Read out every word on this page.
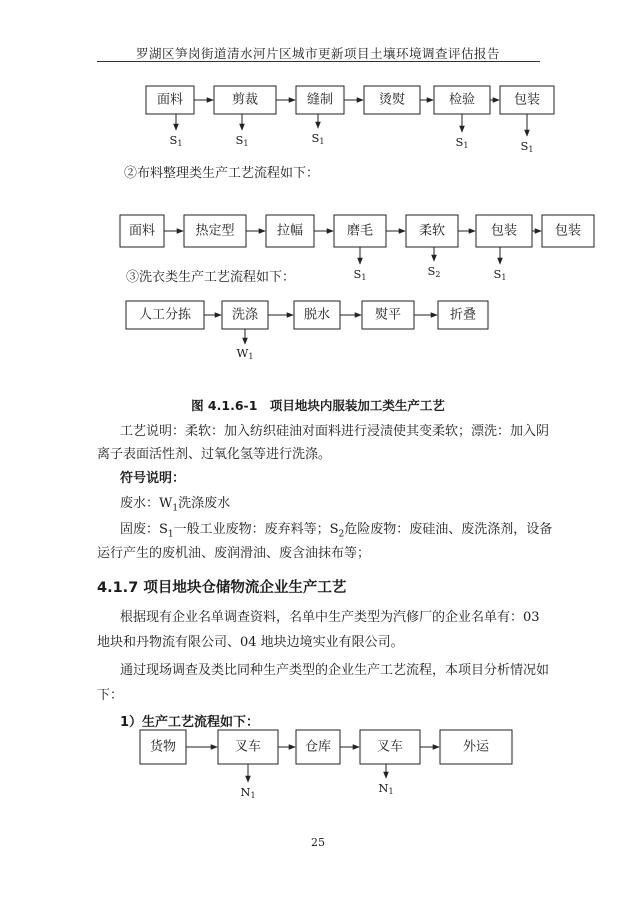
罗湖区笋岗街道清水河片区城市更新项目土壤环境调查评估报告
面料	剪裁	缝制	烫熨	检验	包装
S1	S1	S1	S1	S1
面料	热定型	拉幅	磨毛	柔软	包装	包装
S1	S2	S1
人工分拣	洗涤	脱水	熨平	折叠
W1
货物	叉车	仓库	叉车	外运
N1
N1
②布料整理类生产工艺流程如下：
③洗衣类生产工艺流程如下：
图 4.1.6-1　项目地块内服装加工类生产工艺
工艺说明：柔软：加入纺织硅油对面料进行浸渍使其变柔软；漂洗：加入阴
离子表面活性剂、过氧化氢等进行洗涤。
符号说明：
废水：$W_1$洗涤废水
固废：$S_1$一般工业废物：废弃料等；$S_2$危险废物：废硅油、废洗涤剂，设备
运行产生的废机油、废润滑油、废含油抹布等；
4.1.7 项目地块仓储物流企业生产工艺
根据现有企业名单调查资料，名单中生产类型为汽修厂的企业名单有：03
地块和丹物流有限公司、04 地块边境实业有限公司。
通过现场调查及类比同种生产类型的企业生产工艺流程，本项目分析情况如
下：
1）生产工艺流程如下：
25
